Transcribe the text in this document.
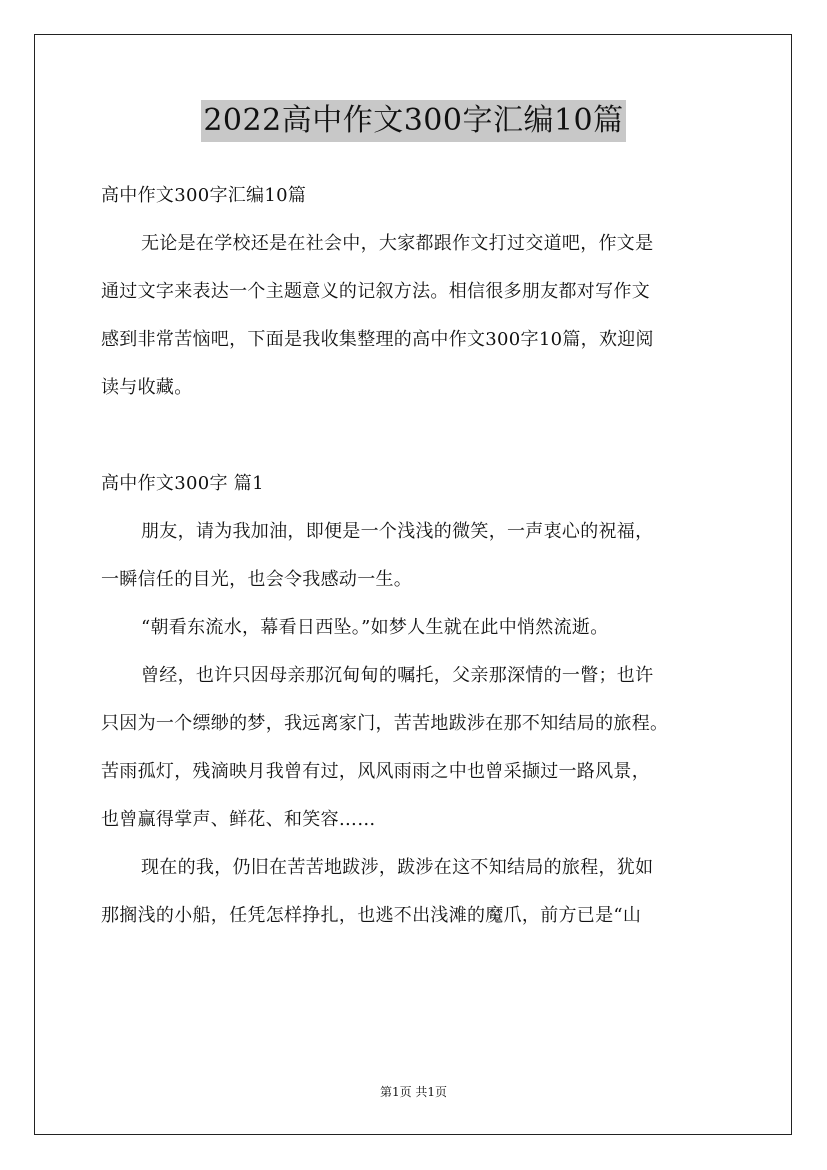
2022高中作文300字汇编10篇
高中作文300字汇编10篇
无论是在学校还是在社会中，大家都跟作文打过交道吧，作文是
通过文字来表达一个主题意义的记叙方法。相信很多朋友都对写作文
感到非常苦恼吧，下面是我收集整理的高中作文300字10篇，欢迎阅
读与收藏。
高中作文300字 篇1
朋友，请为我加油，即便是一个浅浅的微笑，一声衷心的祝福，
一瞬信任的目光，也会令我感动一生。
“朝看东流水，幕看日西坠。”如梦人生就在此中悄然流逝。
曾经，也许只因母亲那沉甸甸的嘱托，父亲那深情的一瞥；也许
只因为一个缥缈的梦，我远离家门，苦苦地跋涉在那不知结局的旅程。
苦雨孤灯，残滴映月我曾有过，风风雨雨之中也曾采撷过一路风景，
也曾赢得掌声、鲜花、和笑容……
现在的我，仍旧在苦苦地跋涉，跋涉在这不知结局的旅程，犹如
那搁浅的小船，任凭怎样挣扎，也逃不出浅滩的魔爪，前方已是“山
第1页 共1页
